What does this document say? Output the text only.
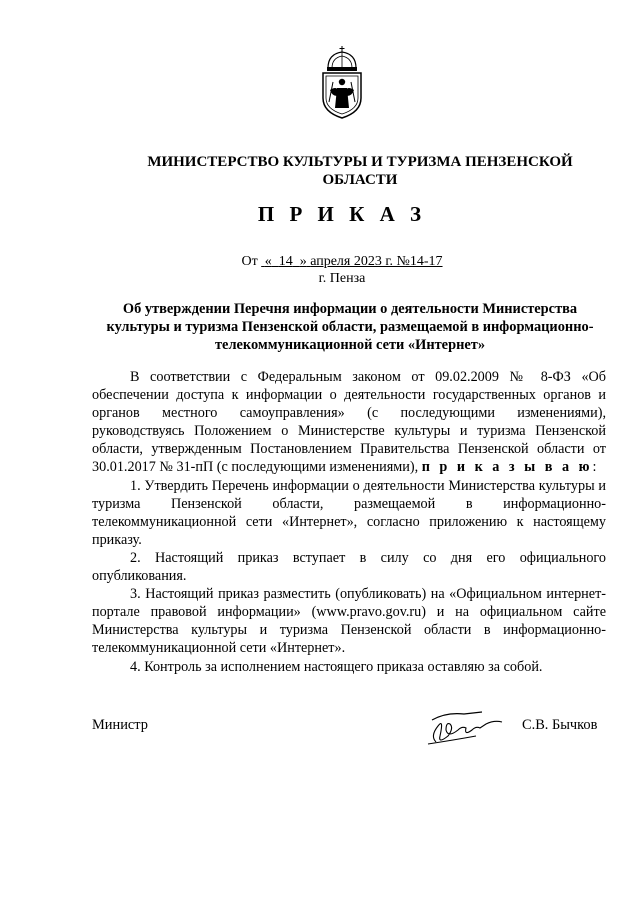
МИНИСТЕРСТВО КУЛЬТУРЫ И ТУРИЗМА ПЕНЗЕНСКОЙ ОБЛАСТИ
П Р И К А З
От « 14 » апреля 2023 г. №14-17
г. Пенза
Об утверждении Перечня информации о деятельности Министерства культуры и туризма Пензенской области, размещаемой в информационно-телекоммуникационной сети «Интернет»

В соответствии с Федеральным законом от 09.02.2009 № 8-ФЗ «Об обеспечении доступа к информации о деятельности государственных органов и органов местного самоуправления» (с последующими изменениями), руководствуясь Положением о Министерстве культуры и туризма Пензенской области, утвержденным Постановлением Правительства Пензенской области от 30.01.2017 № 31-пП (с последующими изменениями), п р и к а з ы в а ю:

1. Утвердить Перечень информации о деятельности Министерства культуры и туризма Пензенской области, размещаемой в информационно-телекоммуникационной сети «Интернет», согласно приложению к настоящему приказу.

2. Настоящий приказ вступает в силу со дня его официального опубликования.

3. Настоящий приказ разместить (опубликовать) на «Официальном интернет-портале правовой информации» (www.pravo.gov.ru) и на официальном сайте Министерства культуры и туризма Пензенской области в информационно-телекоммуникационной сети «Интернет».

4. Контроль за исполнением настоящего приказа оставляю за собой.

Министр	С.В. Бычков
